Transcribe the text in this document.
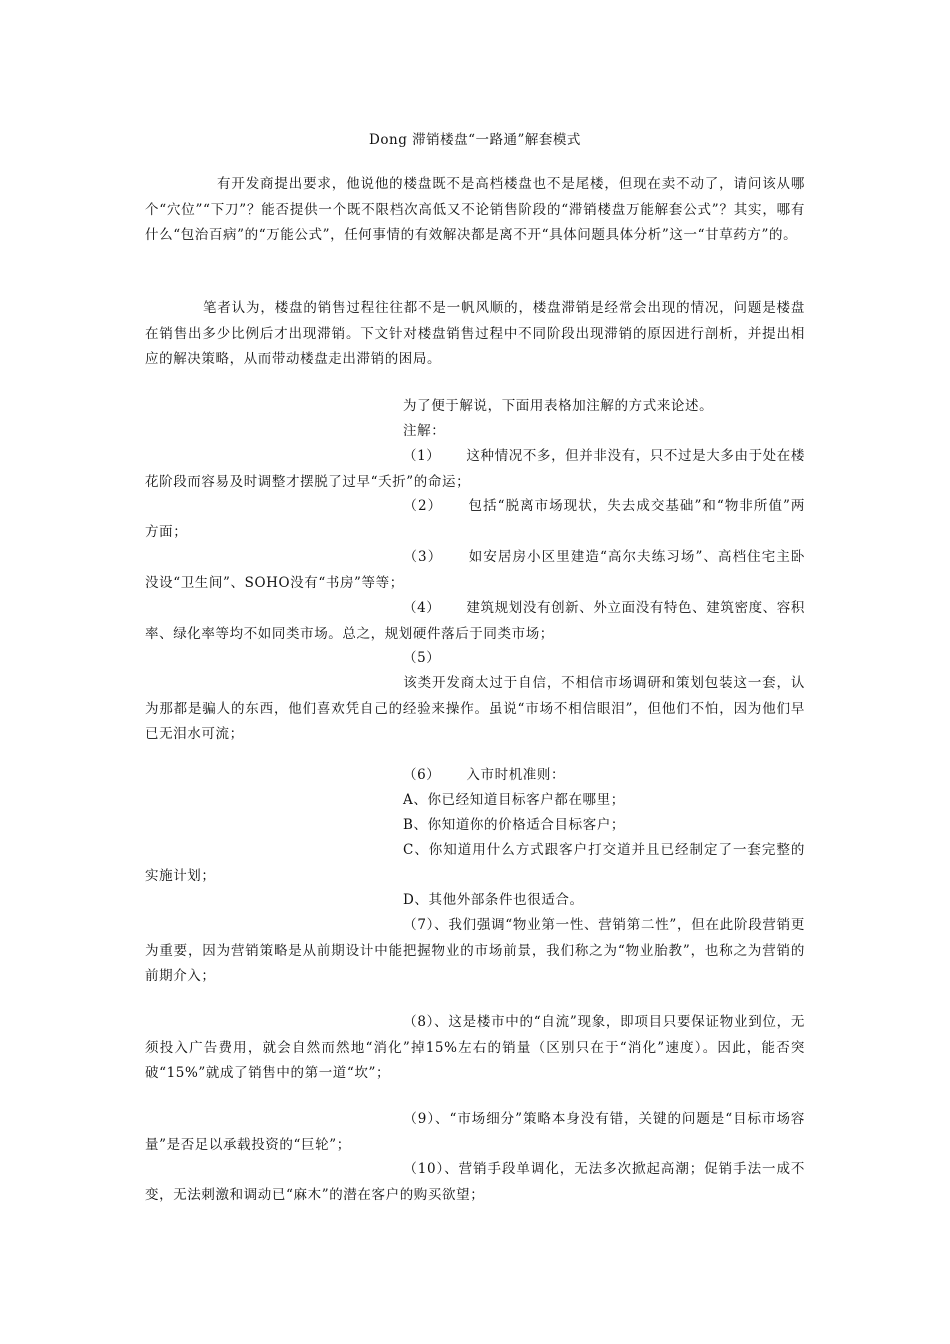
Dong 滞销楼盘“一路通”解套模式
有开发商提出要求，他说他的楼盘既不是高档楼盘也不是尾楼，但现在卖不动了，请问该从哪个“穴位”“下刀”？能否提供一个既不限档次高低又不论销售阶段的“滞销楼盘万能解套公式”？其实，哪有什么“包治百病”的“万能公式”，任何事情的有效解决都是离不开“具体问题具体分析”这一“甘草药方”的。
笔者认为，楼盘的销售过程往往都不是一帆风顺的，楼盘滞销是经常会出现的情况，问题是楼盘在销售出多少比例后才出现滞销。下文针对楼盘销售过程中不同阶段出现滞销的原因进行剖析，并提出相应的解决策略，从而带动楼盘走出滞销的困局。
为了便于解说，下面用表格加注解的方式来论述。
注解：
（1） 这种情况不多，但并非没有，只不过是大多由于处在楼花阶段而容易及时调整才摆脱了过早“夭折”的命运；
（2） 包括“脱离市场现状，失去成交基础”和“物非所值”两方面；
（3） 如安居房小区里建造“高尔夫练习场”、高档住宅主卧没设“卫生间”、SOHO没有“书房”等等；
（4） 建筑规划没有创新、外立面没有特色、建筑密度、容积率、绿化率等均不如同类市场。总之，规划硬件落后于同类市场；
（5）
该类开发商太过于自信，不相信市场调研和策划包装这一套，认为那都是骗人的东西，他们喜欢凭自己的经验来操作。虽说“市场不相信眼泪”，但他们不怕，因为他们早已无泪水可流；
（6） 入市时机准则：
A、你已经知道目标客户都在哪里；
B、你知道你的价格适合目标客户；
C、你知道用什么方式跟客户打交道并且已经制定了一套完整的实施计划；
D、其他外部条件也很适合。
（7）、我们强调“物业第一性、营销第二性”，但在此阶段营销更为重要，因为营销策略是从前期设计中能把握物业的市场前景，我们称之为“物业胎教”，也称之为营销的前期介入；
（8）、这是楼市中的“自流”现象，即项目只要保证物业到位，无须投入广告费用，就会自然而然地“消化”掉15%左右的销量（区别只在于“消化”速度）。因此，能否突破“15%”就成了销售中的第一道“坎”；
（9）、“市场细分”策略本身没有错，关键的问题是“目标市场容量”是否足以承载投资的“巨轮”；
（10）、营销手段单调化，无法多次掀起高潮；促销手法一成不变，无法刺激和调动已“麻木”的潜在客户的购买欲望；
